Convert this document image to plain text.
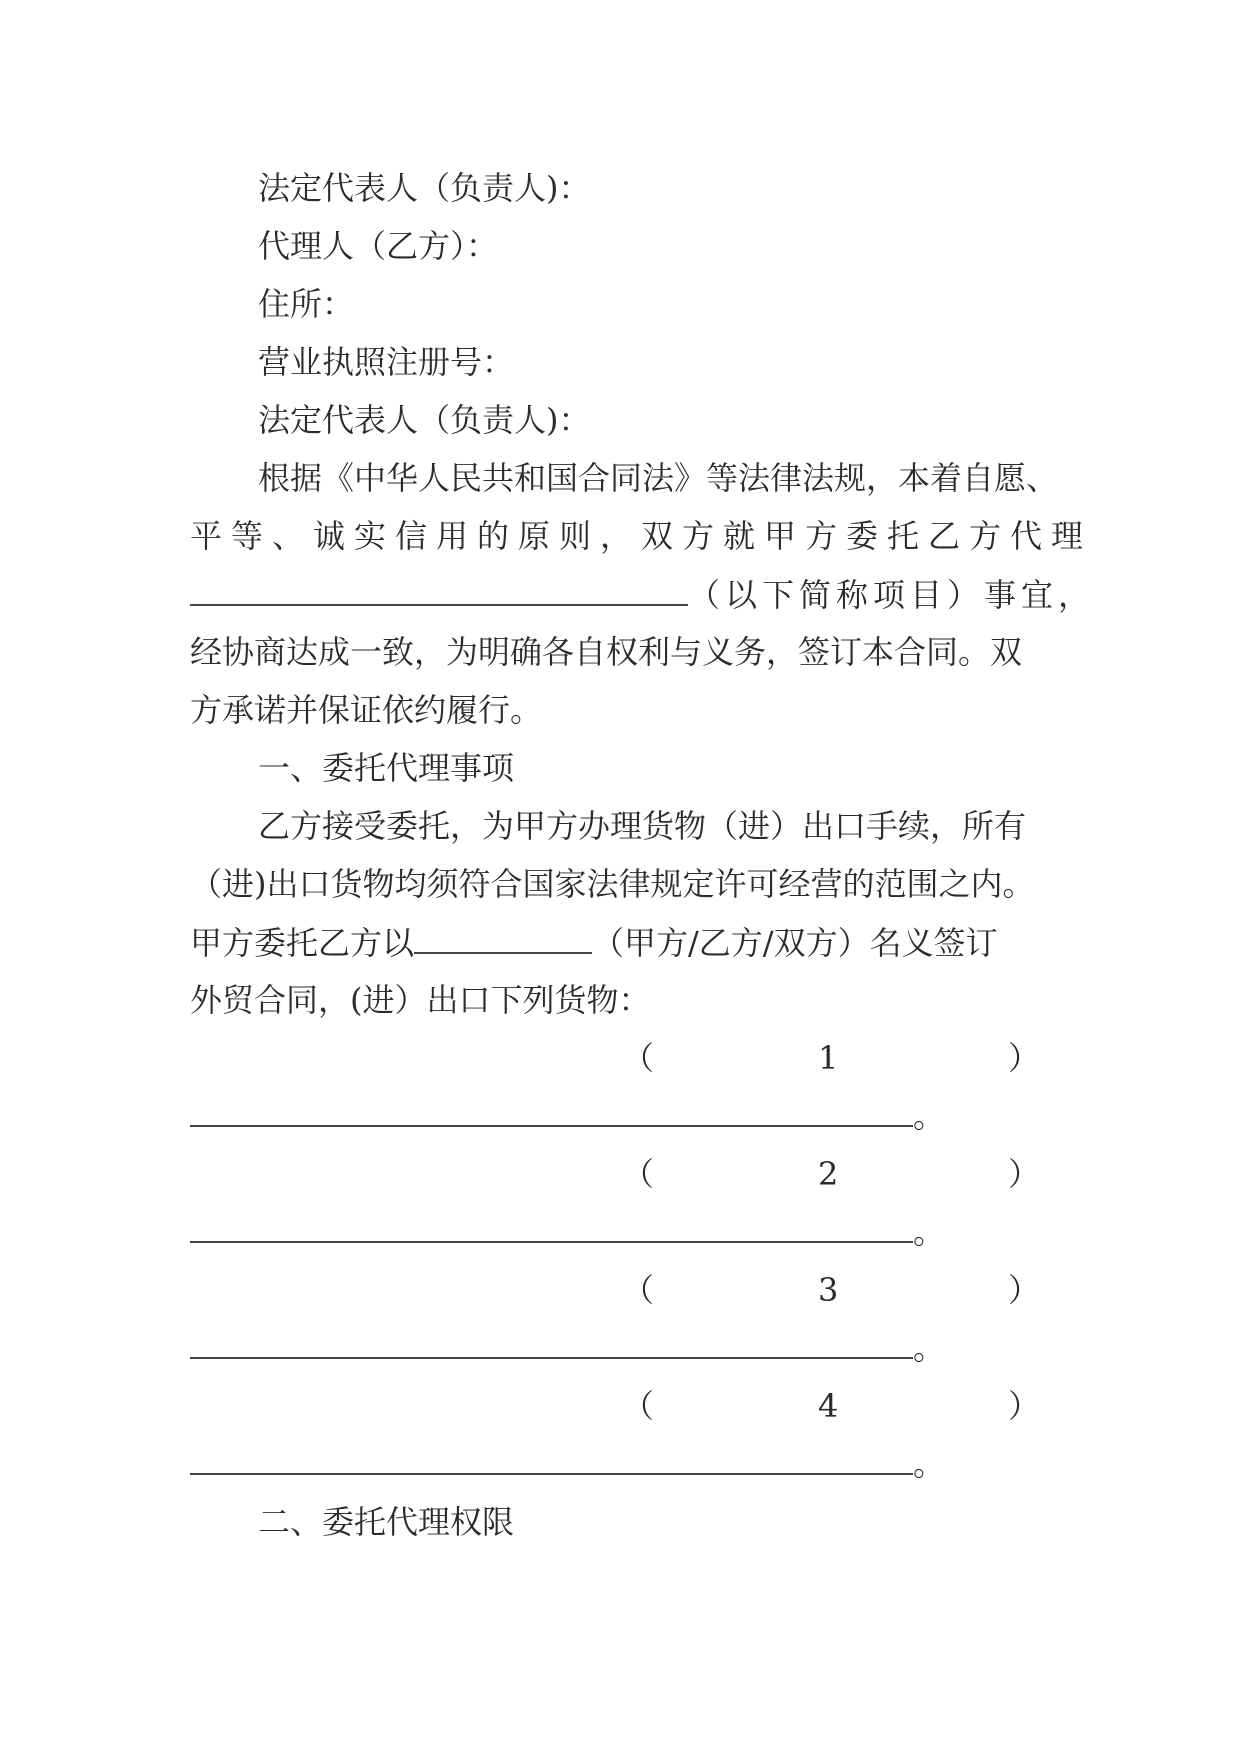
法定代表人（负责人)：
代理人（乙方）：
住所：
营业执照注册号：
法定代表人（负责人)：
根据《中华人民共和国合同法》等法律法规，本着自愿、
平等、诚实信用的原则，双方就甲方委托乙方代理
（以下简称项目）事宜，
经协商达成一致，为明确各自权利与义务，签订本合同。双
方承诺并保证依约履行。
一、委托代理事项
乙方接受委托，为甲方办理货物（进）出口手续，所有
（进)出口货物均须符合国家法律规定许可经营的范围之内。
甲方委托乙方以	（甲方/乙方/双方）名义签订
外贸合同，(进）出口下列货物：
（	1	）
。
（	2	）
。
（	3	）
。
（	4	）
。
二、委托代理权限
